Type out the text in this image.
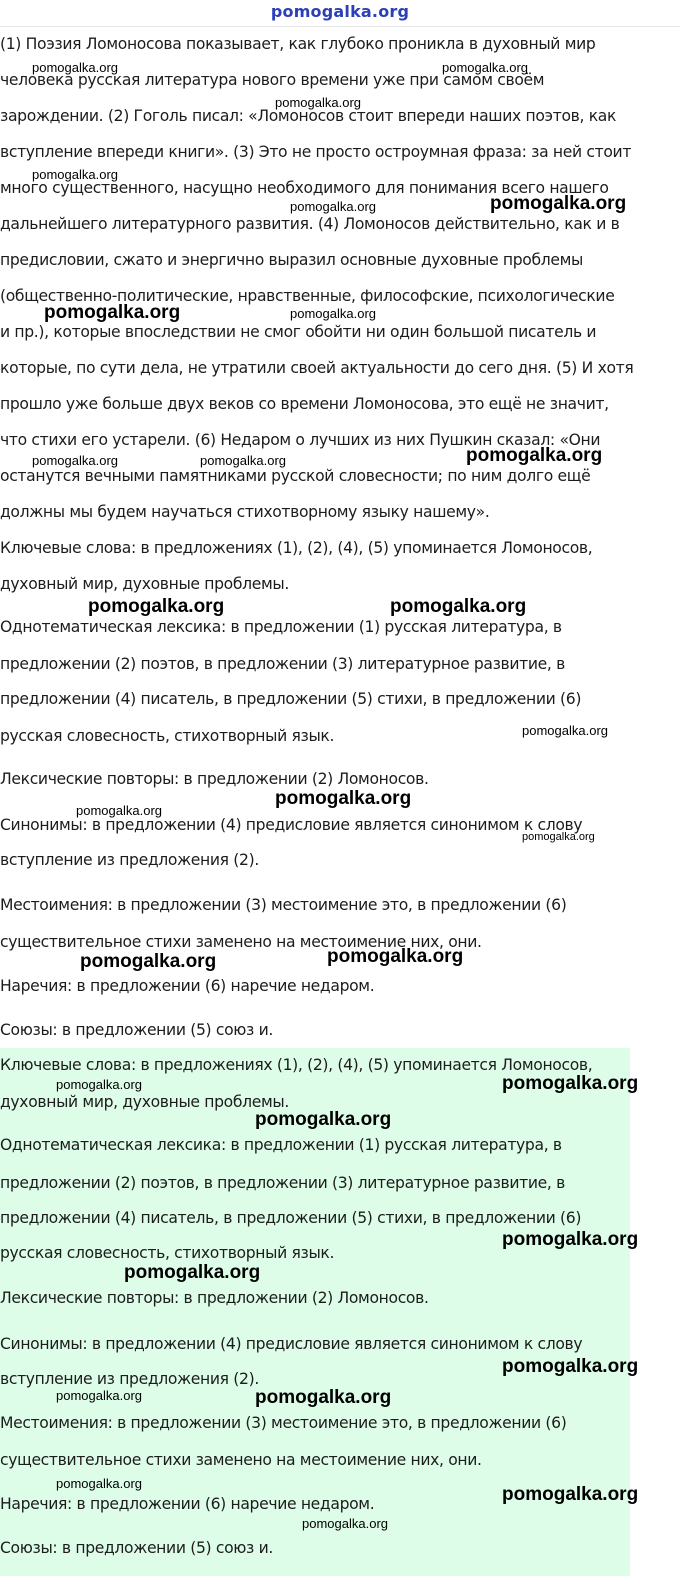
pomogalka.org
(1) Поэзия Ломоносова показывает, как глубоко проникла в духовный мир
человека русская литература нового времени уже при самом своём
зарождении. (2) Гоголь писал: «Ломоносов стоит впереди наших поэтов, как
вступление впереди книги». (3) Это не просто остроумная фраза: за ней стоит
много существенного, насущно необходимого для понимания всего нашего
дальнейшего литературного развития. (4) Ломоносов действительно, как и в
предисловии, сжато и энергично выразил основные духовные проблемы
(общественно-политические, нравственные, философские, психологические
и пр.), которые впоследствии не смог обойти ни один большой писатель и
которые, по сути дела, не утратили своей актуальности до сего дня. (5) И хотя
прошло уже больше двух веков со времени Ломоносова, это ещё не значит,
что стихи его устарели. (6) Недаром о лучших из них Пушкин сказал: «Они
останутся вечными памятниками русской словесности; по ним долго ещё
должны мы будем научаться стихотворному языку нашему».
Ключевые слова: в предложениях (1), (2), (4), (5) упоминается Ломоносов,
духовный мир, духовные проблемы.
Однотематическая лексика: в предложении (1) русская литература, в
предложении (2) поэтов, в предложении (3) литературное развитие, в
предложении (4) писатель, в предложении (5) стихи, в предложении (6)
русская словесность, стихотворный язык.
Лексические повторы: в предложении (2) Ломоносов.
Синонимы: в предложении (4) предисловие является синонимом к слову
вступление из предложения (2).
Местоимения: в предложении (3) местоимение это, в предложении (6)
существительное стихи заменено на местоимение них, они.
Наречия: в предложении (6) наречие недаром.
Союзы: в предложении (5) союз и.
Ключевые слова: в предложениях (1), (2), (4), (5) упоминается Ломоносов,
духовный мир, духовные проблемы.
Однотематическая лексика: в предложении (1) русская литература, в
предложении (2) поэтов, в предложении (3) литературное развитие, в
предложении (4) писатель, в предложении (5) стихи, в предложении (6)
русская словесность, стихотворный язык.
Лексические повторы: в предложении (2) Ломоносов.
Синонимы: в предложении (4) предисловие является синонимом к слову
вступление из предложения (2).
Местоимения: в предложении (3) местоимение это, в предложении (6)
существительное стихи заменено на местоимение них, они.
Наречия: в предложении (6) наречие недаром.
Союзы: в предложении (5) союз и.
pomogalka.org	pomogalka.org
pomogalka.org
pomogalka.org
pomogalka.org	pomogalka.org
pomogalka.org	pomogalka.org
pomogalka.org	pomogalka.org	pomogalka.org
pomogalka.org	pomogalka.org
pomogalka.org
pomogalka.org
pomogalka.org
pomogalka.org
pomogalka.org	pomogalka.org
pomogalka.org	pomogalka.org
pomogalka.org
pomogalka.org
pomogalka.org
pomogalka.org
pomogalka.org	pomogalka.org
pomogalka.org
pomogalka.org
pomogalka.org
